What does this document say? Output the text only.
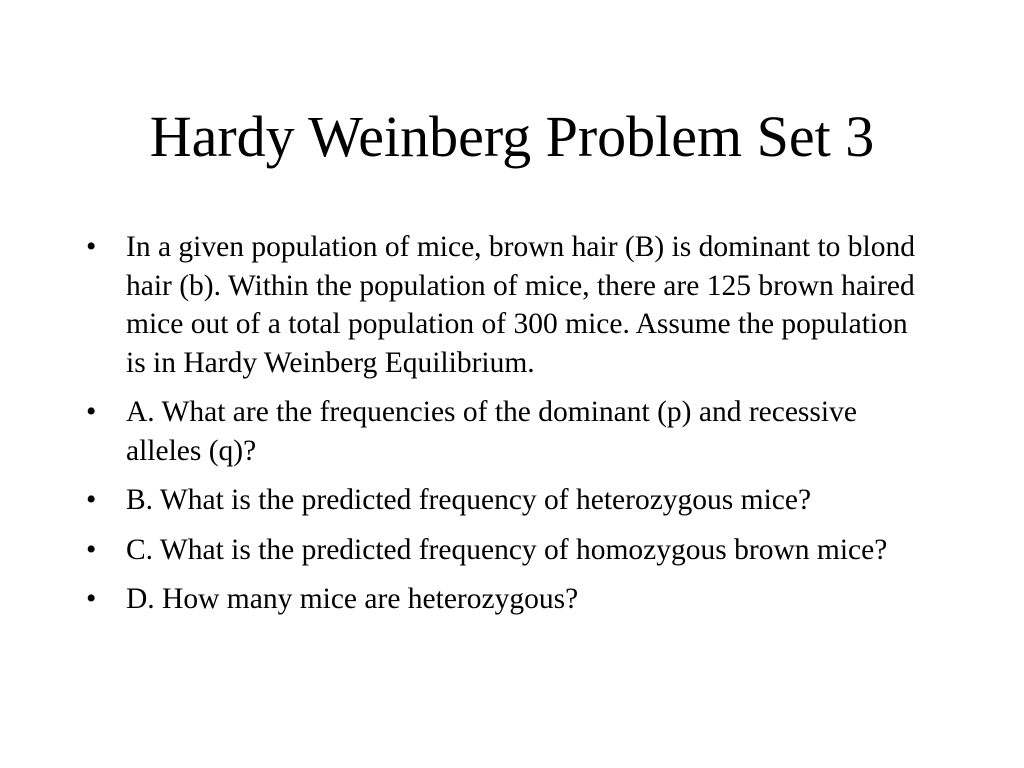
Hardy Weinberg Problem Set 3
• In a given population of mice, brown hair (B) is dominant to blond hair (b). Within the population of mice, there are 125 brown haired mice out of a total population of 300 mice. Assume the population is in Hardy Weinberg Equilibrium.
• A. What are the frequencies of the dominant (p) and recessive alleles (q)?
• B. What is the predicted frequency of heterozygous mice?
• C. What is the predicted frequency of homozygous brown mice?
• D. How many mice are heterozygous?
